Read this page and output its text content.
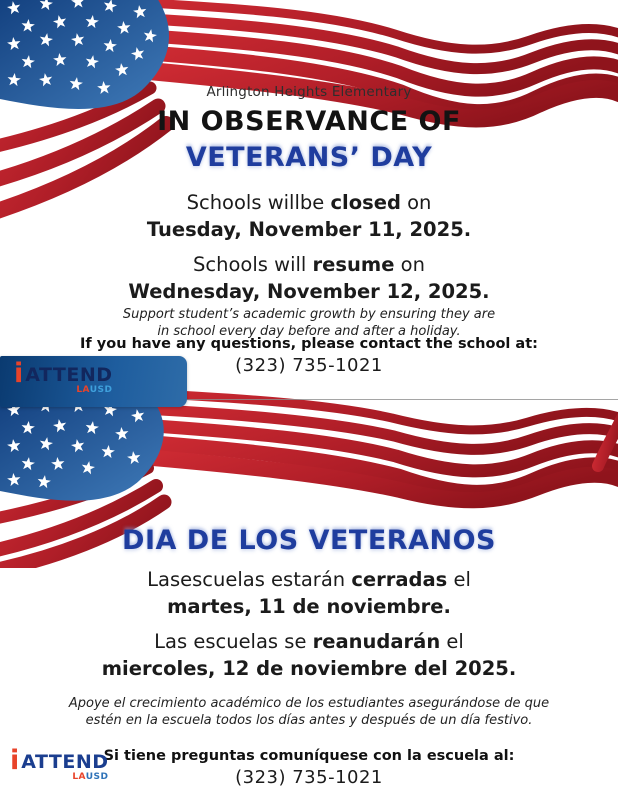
i ATTEND
LAUSD
Arlington Heights Elementary
IN OBSERVANCE OF
VETERANS’ DAY
Schools willbe closed on
Tuesday, November 11, 2025.
Schools will resume on
Wednesday, November 12, 2025.
Support student’s academic growth by ensuring they are
in school every day before and after a holiday.
If you have any questions, please contact the school at:
(323) 735-1021
DIA DE LOS VETERANOS
Lasescuelas estarán cerradas el
martes, 11 de noviembre.
Las escuelas se reanudarán el
miercoles, 12 de noviembre del 2025.
Apoye el crecimiento académico de los estudiantes asegurándose de que
estén en la escuela todos los días antes y después de un día festivo.
Si tiene preguntas comuníquese con la escuela al:
(323) 735-1021
i ATTEND
LAUSD
